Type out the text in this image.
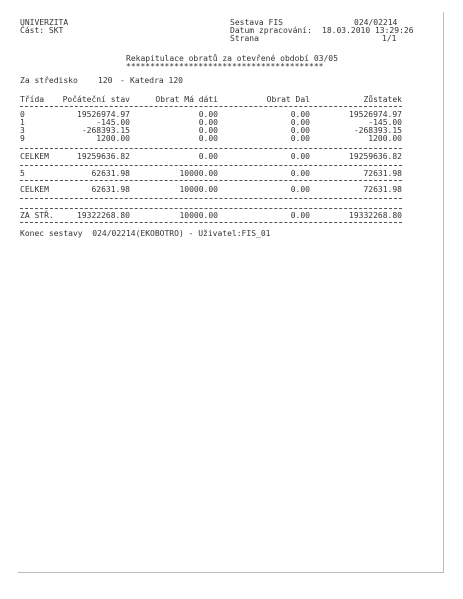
UNIVERZITA
Část: SKT
Sestava FIS	024/02214
Datum zpracování: 18.03.2010 13:29:26
Strana	1/1
Rekapitulace obratů za otevřené období 03/05
*****************************************
Za středisko	120 - Katedra 120
Třída	Počáteční stav	Obrat Má dáti	Obrat Dal	Zůstatek
0	19526974.97	0.00	0.00	19526974.97
1	-145.00	0.00	0.00	-145.00
3	-268393.15	0.00	0.00	-268393.15
9	1200.00	0.00	0.00	1200.00
CELKEM	19259636.82	0.00	0.00	19259636.82
5	62631.98	10000.00	0.00	72631.98
CELKEM	62631.98	10000.00	0.00	72631.98
ZA STŘ.	19322268.80	10000.00	0.00	19332268.80
Konec sestavy  024/02214(EKOBOTRO) - Uživatel:FIS_01
